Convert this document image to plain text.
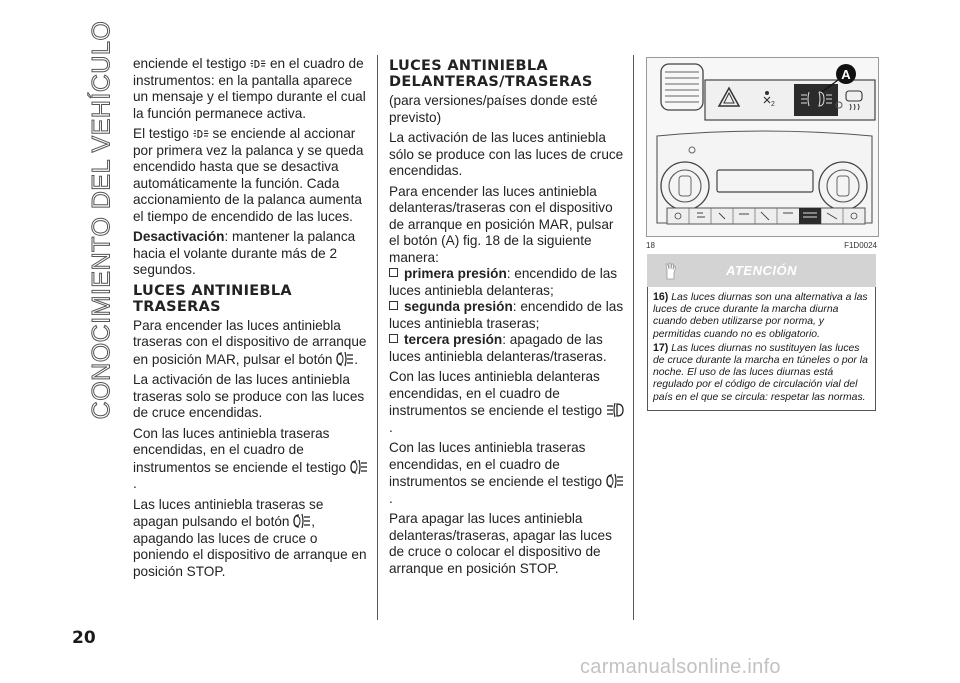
CONOCIMIENTO DEL VEHÍCULO enciende el testigo en el cuadro de instrumentos: en la pantalla aparece un mensaje y el tiempo durante el cual la función permanece activa.

El testigo se enciende al accionar por primera vez la palanca y se queda encendido hasta que se desactiva automáticamente la función. Cada accionamiento de la palanca aumenta el tiempo de encendido de las luces.

Desactivación: mantener la palanca hacia el volante durante más de 2 segundos.

LUCES ANTINIEBLA TRASERAS

Para encender las luces antiniebla traseras con el dispositivo de arranque en posición MAR, pulsar el botón .

La activación de las luces antiniebla traseras solo se produce con las luces de cruce encendidas.

Con las luces antiniebla traseras encendidas, en el cuadro de instrumentos se enciende el testigo .

Las luces antiniebla traseras se apagan pulsando el botón , apagando las luces de cruce o poniendo el dispositivo de arranque en posición STOP.

LUCES ANTINIEBLA DELANTERAS/TRASERAS

(para versiones/países donde esté previsto)

La activación de las luces antiniebla sólo se produce con las luces de cruce encendidas.

Para encender las luces antiniebla delanteras/traseras con el dispositivo de arranque en posición MAR, pulsar el botón (A) fig. 18 de la siguiente manera:

primera presión: encendido de las luces antiniebla delanteras;

segunda presión: encendido de las luces antiniebla traseras;

tercera presión: apagado de las luces antiniebla delanteras/traseras.

Con las luces antiniebla delanteras encendidas, en el cuadro de instrumentos se enciende el testigo .

Con las luces antiniebla traseras encendidas, en el cuadro de instrumentos se enciende el testigo .

Para apagar las luces antiniebla delanteras/traseras, apagar las luces de cruce o colocar el dispositivo de arranque en posición STOP.

2
A
18	F1D0024
ATENCIÓN

16) Las luces diurnas son una alternativa a las luces de cruce durante la marcha diurna cuando deben utilizarse por norma, y permitidas cuando no es obligatorio.

17) Las luces diurnas no sustituyen las luces de cruce durante la marcha en túneles o por la noche. El uso de las luces diurnas está regulado por el código de circulación vial del país en el que se circula: respetar las normas.

20
carmanualsonline.info
